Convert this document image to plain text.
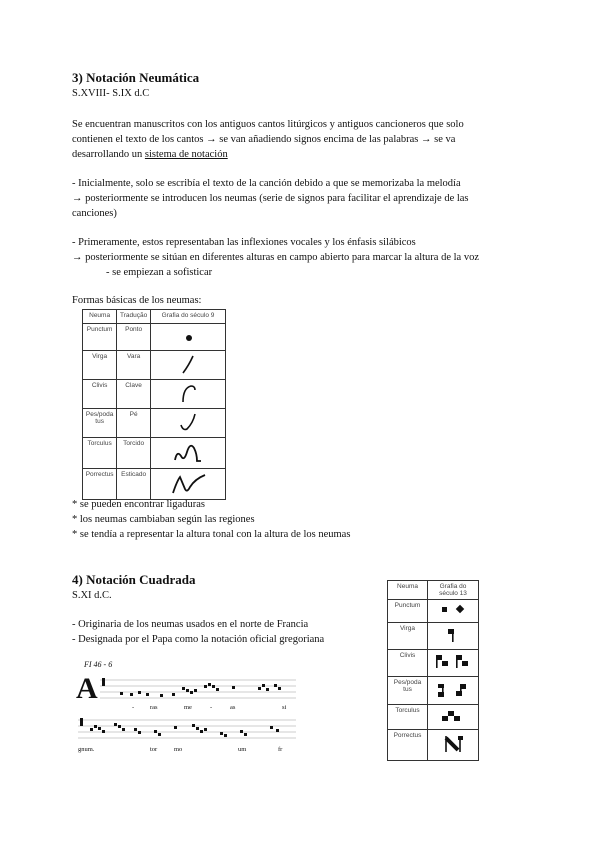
3) Notación Neumática
S.XVIII- S.IX d.C
Se encuentran manuscritos con los antiguos cantos litúrgicos y antiguos cancioneros que solo
contienen el texto de los cantos → se van añadiendo signos encima de las palabras → se va
desarrollando un sistema de notación
- Inicialmente, solo se escribía el texto de la canción debido a que se memorizaba la melodía
→ posteriormente se introducen los neumas (serie de signos para facilitar el aprendizaje de las
canciones)
- Primeramente, estos representaban las inflexiones vocales y los énfasis silábicos
→ posteriormente se sitúan en diferentes alturas en campo abierto para marcar la altura de la voz
- se empiezan a sofisticar
Formas básicas de los neumas:
Neuma	Tradução	Grafia do século 9
Punctum	Ponto	
Virga	Vara	
Clivis	Clave	
Pes/poda tus	Pé	
Torculus	Torcido	
Porrectus	Esticado	
* se pueden encontrar ligaduras
* los neumas cambiaban según las regiones
* se tendía a representar la altura tonal con la altura de los neumas
4) Notación Cuadrada
S.XI d.C.
- Originaria de los neumas usados en el norte de Francia
- Designada por el Papa como la notación oficial gregoriana
Neuma	Grafia do século 13
Punctum	
Virga	
Clivis	
Pes/poda tus	
Torculus	
Porrectus	
FI 46 - 6
A
- ras	me	-	as	si
gnum.	tor	mo	um	fr
